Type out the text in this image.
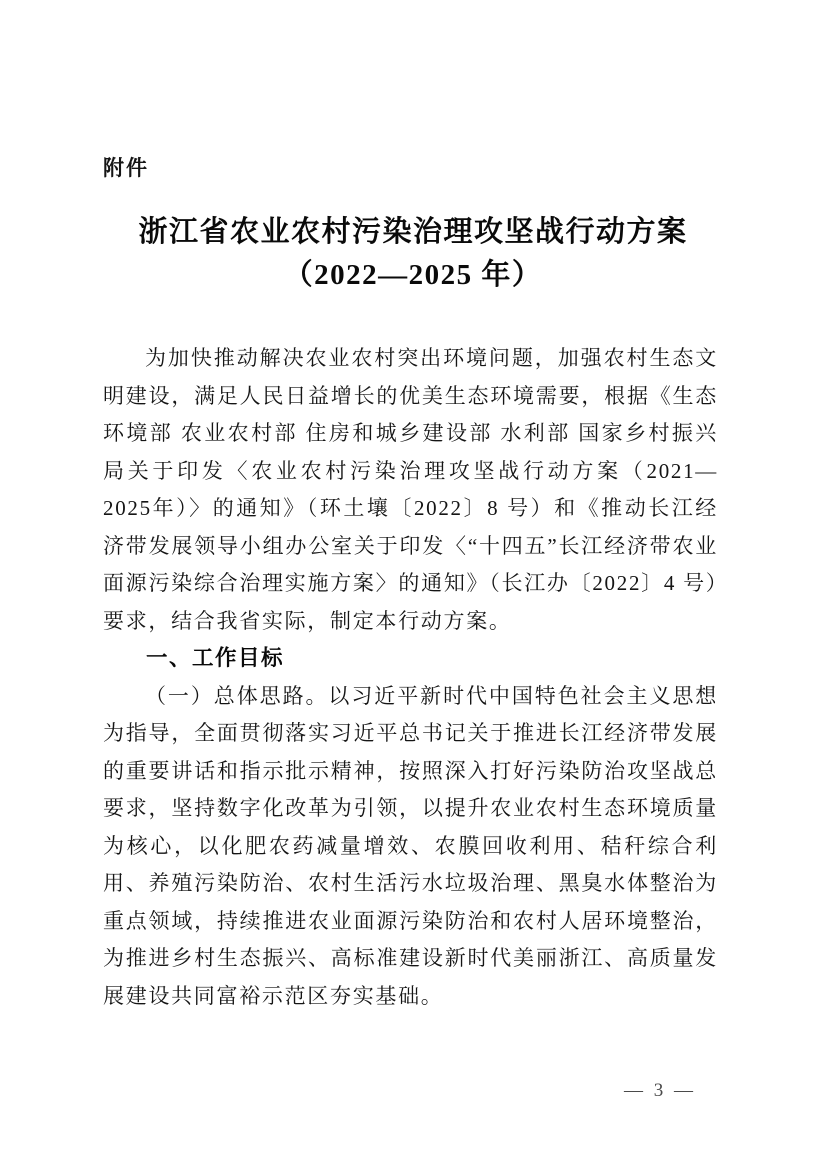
附件
浙江省农业农村污染治理攻坚战行动方案
（2022—2025 年）

为加快推动解决农业农村突出环境问题，加强农村生态文明建设，满足人民日益增长的优美生态环境需要，根据《生态环境部 农业农村部 住房和城乡建设部 水利部 国家乡村振兴局关于印发〈农业农村污染治理攻坚战行动方案（2021—2025年）〉的通知》（环土壤〔2022〕8 号）和《推动长江经济带发展领导小组办公室关于印发〈“十四五”长江经济带农业面源污染综合治理实施方案〉的通知》（长江办〔2022〕4 号）要求，结合我省实际，制定本行动方案。

一、工作目标

（一）总体思路。以习近平新时代中国特色社会主义思想为指导，全面贯彻落实习近平总书记关于推进长江经济带发展的重要讲话和指示批示精神，按照深入打好污染防治攻坚战总要求，坚持数字化改革为引领，以提升农业农村生态环境质量为核心，以化肥农药减量增效、农膜回收利用、秸秆综合利用、养殖污染防治、农村生活污水垃圾治理、黑臭水体整治为重点领域，持续推进农业面源污染防治和农村人居环境整治，为推进乡村生态振兴、高标准建设新时代美丽浙江、高质量发展建设共同富裕示范区夯实基础。

— 3 —
